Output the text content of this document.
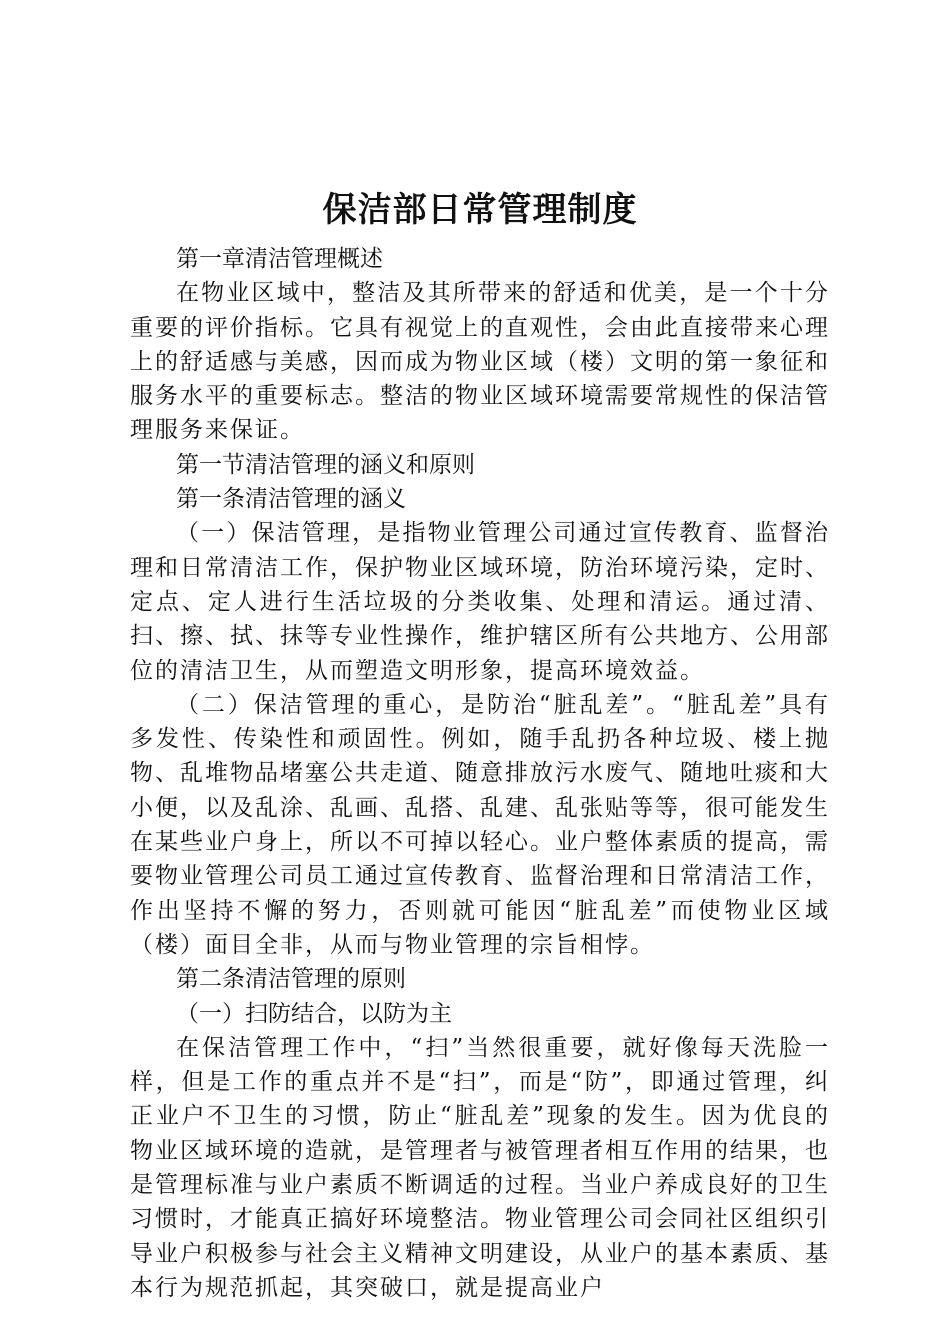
保洁部日常管理制度

第一章清洁管理概述

在物业区域中，整洁及其所带来的舒适和优美，是一个十分重要的评价指标。它具有视觉上的直观性，会由此直接带来心理上的舒适感与美感，因而成为物业区域（楼）文明的第一象征和服务水平的重要标志。整洁的物业区域环境需要常规性的保洁管理服务来保证。

第一节清洁管理的涵义和原则

第一条清洁管理的涵义

（一）保洁管理，是指物业管理公司通过宣传教育、监督治理和日常清洁工作，保护物业区域环境，防治环境污染，定时、定点、定人进行生活垃圾的分类收集、处理和清运。通过清、扫、擦、拭、抹等专业性操作，维护辖区所有公共地方、公用部位的清洁卫生，从而塑造文明形象，提高环境效益。

（二）保洁管理的重心，是防治“脏乱差”。“脏乱差”具有多发性、传染性和顽固性。例如，随手乱扔各种垃圾、楼上抛物、乱堆物品堵塞公共走道、随意排放污水废气、随地吐痰和大小便，以及乱涂、乱画、乱搭、乱建、乱张贴等等，很可能发生在某些业户身上，所以不可掉以轻心。业户整体素质的提高，需要物业管理公司员工通过宣传教育、监督治理和日常清洁工作，作出坚持不懈的努力，否则就可能因“脏乱差”而使物业区域（楼）面目全非，从而与物业管理的宗旨相悖。

第二条清洁管理的原则

（一）扫防结合，以防为主

在保洁管理工作中，“扫”当然很重要，就好像每天洗脸一样，但是工作的重点并不是“扫”，而是“防”，即通过管理，纠正业户不卫生的习惯，防止“脏乱差”现象的发生。因为优良的物业区域环境的造就，是管理者与被管理者相互作用的结果，也是管理标准与业户素质不断调适的过程。当业户养成良好的卫生习惯时，才能真正搞好环境整洁。物业管理公司会同社区组织引导业户积极参与社会主义精神文明建设，从业户的基本素质、基本行为规范抓起，其突破口，就是提高业户
